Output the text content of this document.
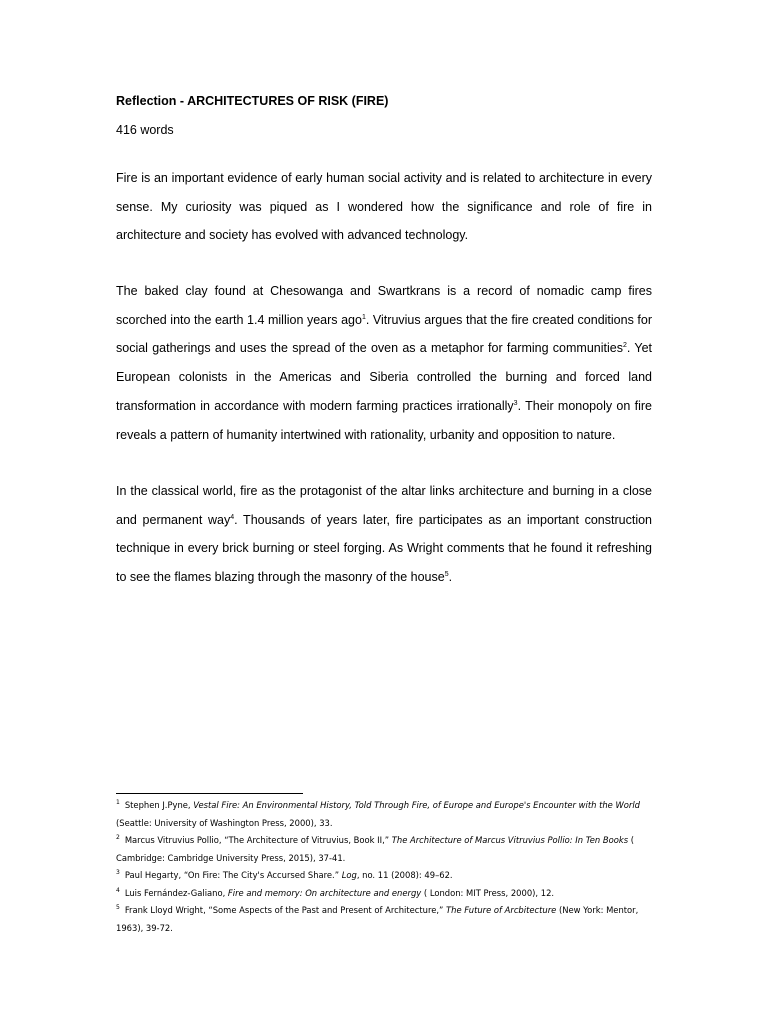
Reflection - ARCHITECTURES OF RISK (FIRE)
416 words

Fire is an important evidence of early human social activity and is related to architecture in every sense. My curiosity was piqued as I wondered how the significance and role of fire in architecture and society has evolved with advanced technology.

The baked clay found at Chesowanga and Swartkrans is a record of nomadic camp fires scorched into the earth 1.4 million years ago$^1$. Vitruvius argues that the fire created conditions for social gatherings and uses the spread of the oven as a metaphor for farming communities$^2$. Yet European colonists in the Americas and Siberia controlled the burning and forced land transformation in accordance with modern farming practices irrationally$^3$. Their monopoly on fire reveals a pattern of humanity intertwined with rationality, urbanity and opposition to nature.

In the classical world, fire as the protagonist of the altar links architecture and burning in a close and permanent way$^4$. Thousands of years later, fire participates as an important construction technique in every brick burning or steel forging. As Wright comments that he found it refreshing to see the flames blazing through the masonry of the house$^5$.

$^1$ Stephen J.Pyne, Vestal Fire: An Environmental History, Told Through Fire, of Europe and Europe's Encounter with the World (Seattle: University of Washington Press, 2000), 33.

$^2$ Marcus Vitruvius Pollio, “The Architecture of Vitruvius, Book II,” The Architecture of Marcus Vitruvius Pollio: In Ten Books ( Cambridge: Cambridge University Press, 2015), 37-41.

$^3$ Paul Hegarty, “On Fire: The City's Accursed Share.” Log, no. 11 (2008): 49–62.

$^4$ Luis Fernández-Galiano, Fire and memory: On architecture and energy ( London: MIT Press, 2000), 12.

$^5$ Frank Lloyd Wright, “Some Aspects of the Past and Present of Architecture,” The Future of Arcbitecture (New York: Mentor, 1963), 39-72.
